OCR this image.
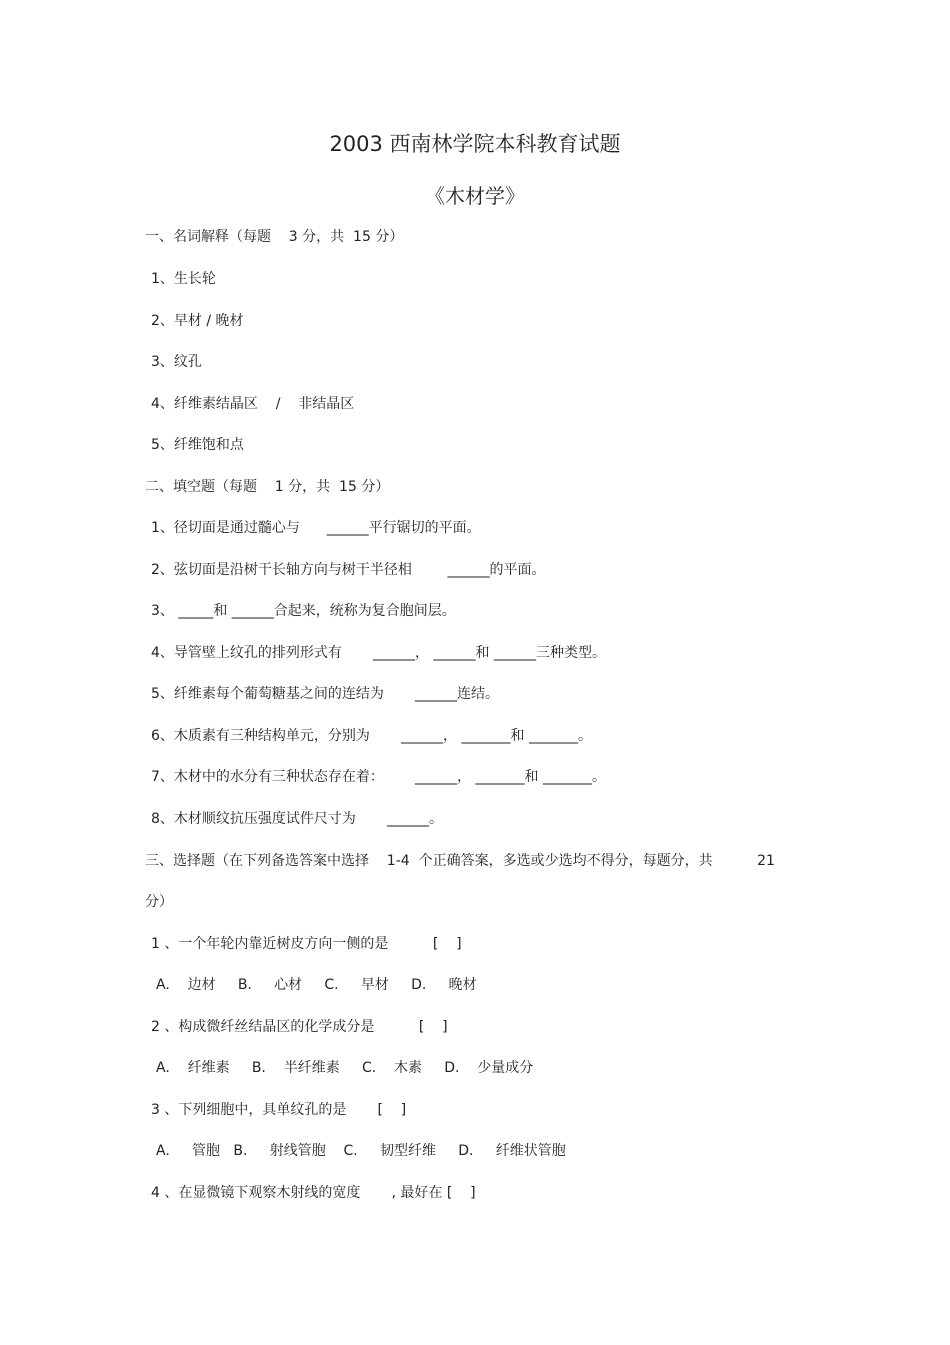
2003 西南林学院本科教育试题
《木材学》
一、名词解释（每题    3 分，共  15 分）
1、生长轮
2、早材 / 晚材
3、纹孔
4、纤维素结晶区    /    非结晶区
5、纤维饱和点
二、填空题（每题    1 分，共  15 分）
1、径切面是通过髓心与      ______平行锯切的平面。
2、弦切面是沿树干长轴方向与树干半径相        ______的平面。
3、 _____和 ______合起来，统称为复合胞间层。
4、导管壁上纹孔的排列形式有       ______， ______和 ______三种类型。
5、纤维素每个葡萄糖基之间的连结为       ______连结。
6、木质素有三种结构单元，分别为       ______， _______和 _______。
7、木材中的水分有三种状态存在着：       ______， _______和 _______。
8、木材顺纹抗压强度试件尺寸为       ______。
三、选择题（在下列备选答案中选择    1-4  个正确答案，多选或少选均不得分，每题分，共          21
分）
1 、一个年轮内靠近树皮方向一侧的是          [    ]
A.    边材     B.     心材     C.     早材     D.     晚材
2 、构成微纤丝结晶区的化学成分是          [    ]
A.    纤维素     B.    半纤维素     C.    木素     D.    少量成分
3 、下列细胞中，具单纹孔的是       [    ]
A.     管胞   B.     射线管胞    C.     韧型纤维     D.     纤维状管胞
4 、在显微镜下观察木射线的宽度       , 最好在 [    ]
